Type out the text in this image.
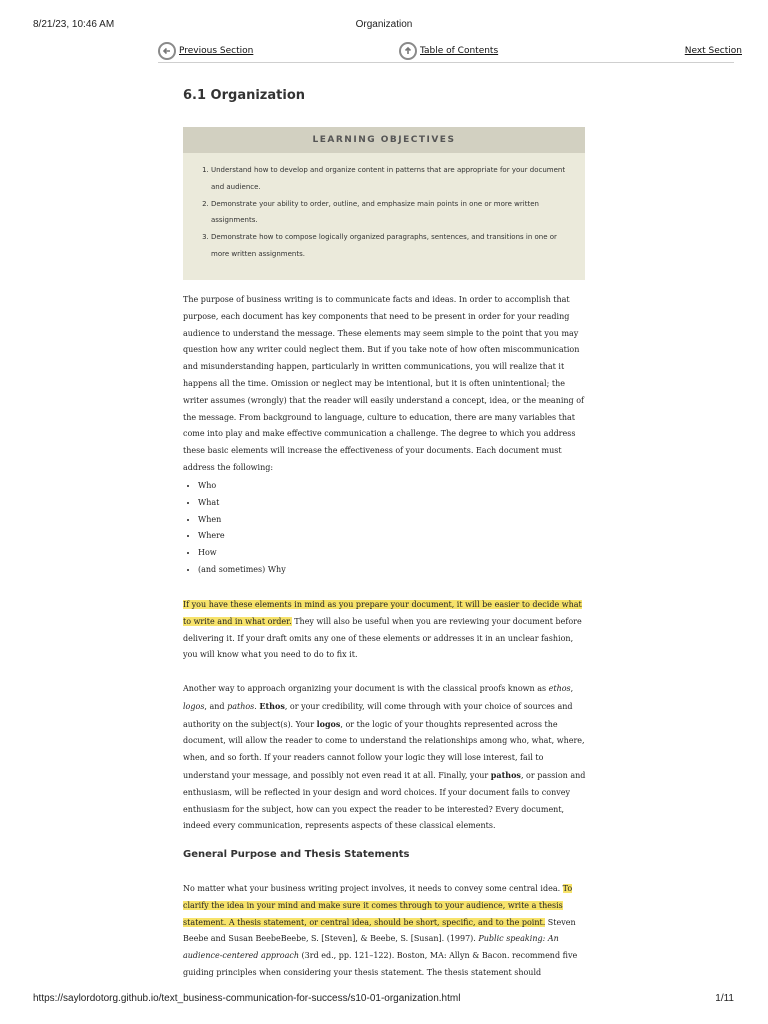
8/21/23, 10:46 AM	Organization
Previous Section	Table of Contents	Next Section
6.1 Organization
LEARNING OBJECTIVES
1. Understand how to develop and organize content in patterns that are appropriate for your document and audience.
2. Demonstrate your ability to order, outline, and emphasize main points in one or more written assignments.
3. Demonstrate how to compose logically organized paragraphs, sentences, and transitions in one or more written assignments.

The purpose of business writing is to communicate facts and ideas. In order to accomplish that purpose, each document has key components that need to be present in order for your reading audience to understand the message. These elements may seem simple to the point that you may question how any writer could neglect them. But if you take note of how often miscommunication and misunderstanding happen, particularly in written communications, you will realize that it happens all the time. Omission or neglect may be intentional, but it is often unintentional; the writer assumes (wrongly) that the reader will easily understand a concept, idea, or the meaning of the message. From background to language, culture to education, there are many variables that come into play and make effective communication a challenge. The degree to which you address these basic elements will increase the effectiveness of your documents. Each document must address the following:

• Who
• What
• When
• Where
• How
• (and sometimes) Why

If you have these elements in mind as you prepare your document, it will be easier to decide what to write and in what order. They will also be useful when you are reviewing your document before delivering it. If your draft omits any one of these elements or addresses it in an unclear fashion, you will know what you need to do to fix it.

Another way to approach organizing your document is with the classical proofs known as ethos, logos, and pathos. Ethos, or your credibility, will come through with your choice of sources and authority on the subject(s). Your logos, or the logic of your thoughts represented across the document, will allow the reader to come to understand the relationships among who, what, where, when, and so forth. If your readers cannot follow your logic they will lose interest, fail to understand your message, and possibly not even read it at all. Finally, your pathos, or passion and enthusiasm, will be reflected in your design and word choices. If your document fails to convey enthusiasm for the subject, how can you expect the reader to be interested? Every document, indeed every communication, represents aspects of these classical elements.

General Purpose and Thesis Statements

No matter what your business writing project involves, it needs to convey some central idea. To clarify the idea in your mind and make sure it comes through to your audience, write a thesis statement. A thesis statement, or central idea, should be short, specific, and to the point. Steven Beebe and Susan BeebeBeebe, S. [Steven], & Beebe, S. [Susan]. (1997). Public speaking: An audience-centered approach (3rd ed., pp. 121–122). Boston, MA: Allyn & Bacon. recommend five guiding principles when considering your thesis statement. The thesis statement should

https://saylordotorg.github.io/text_business-communication-for-success/s10-01-organization.html	1/11
